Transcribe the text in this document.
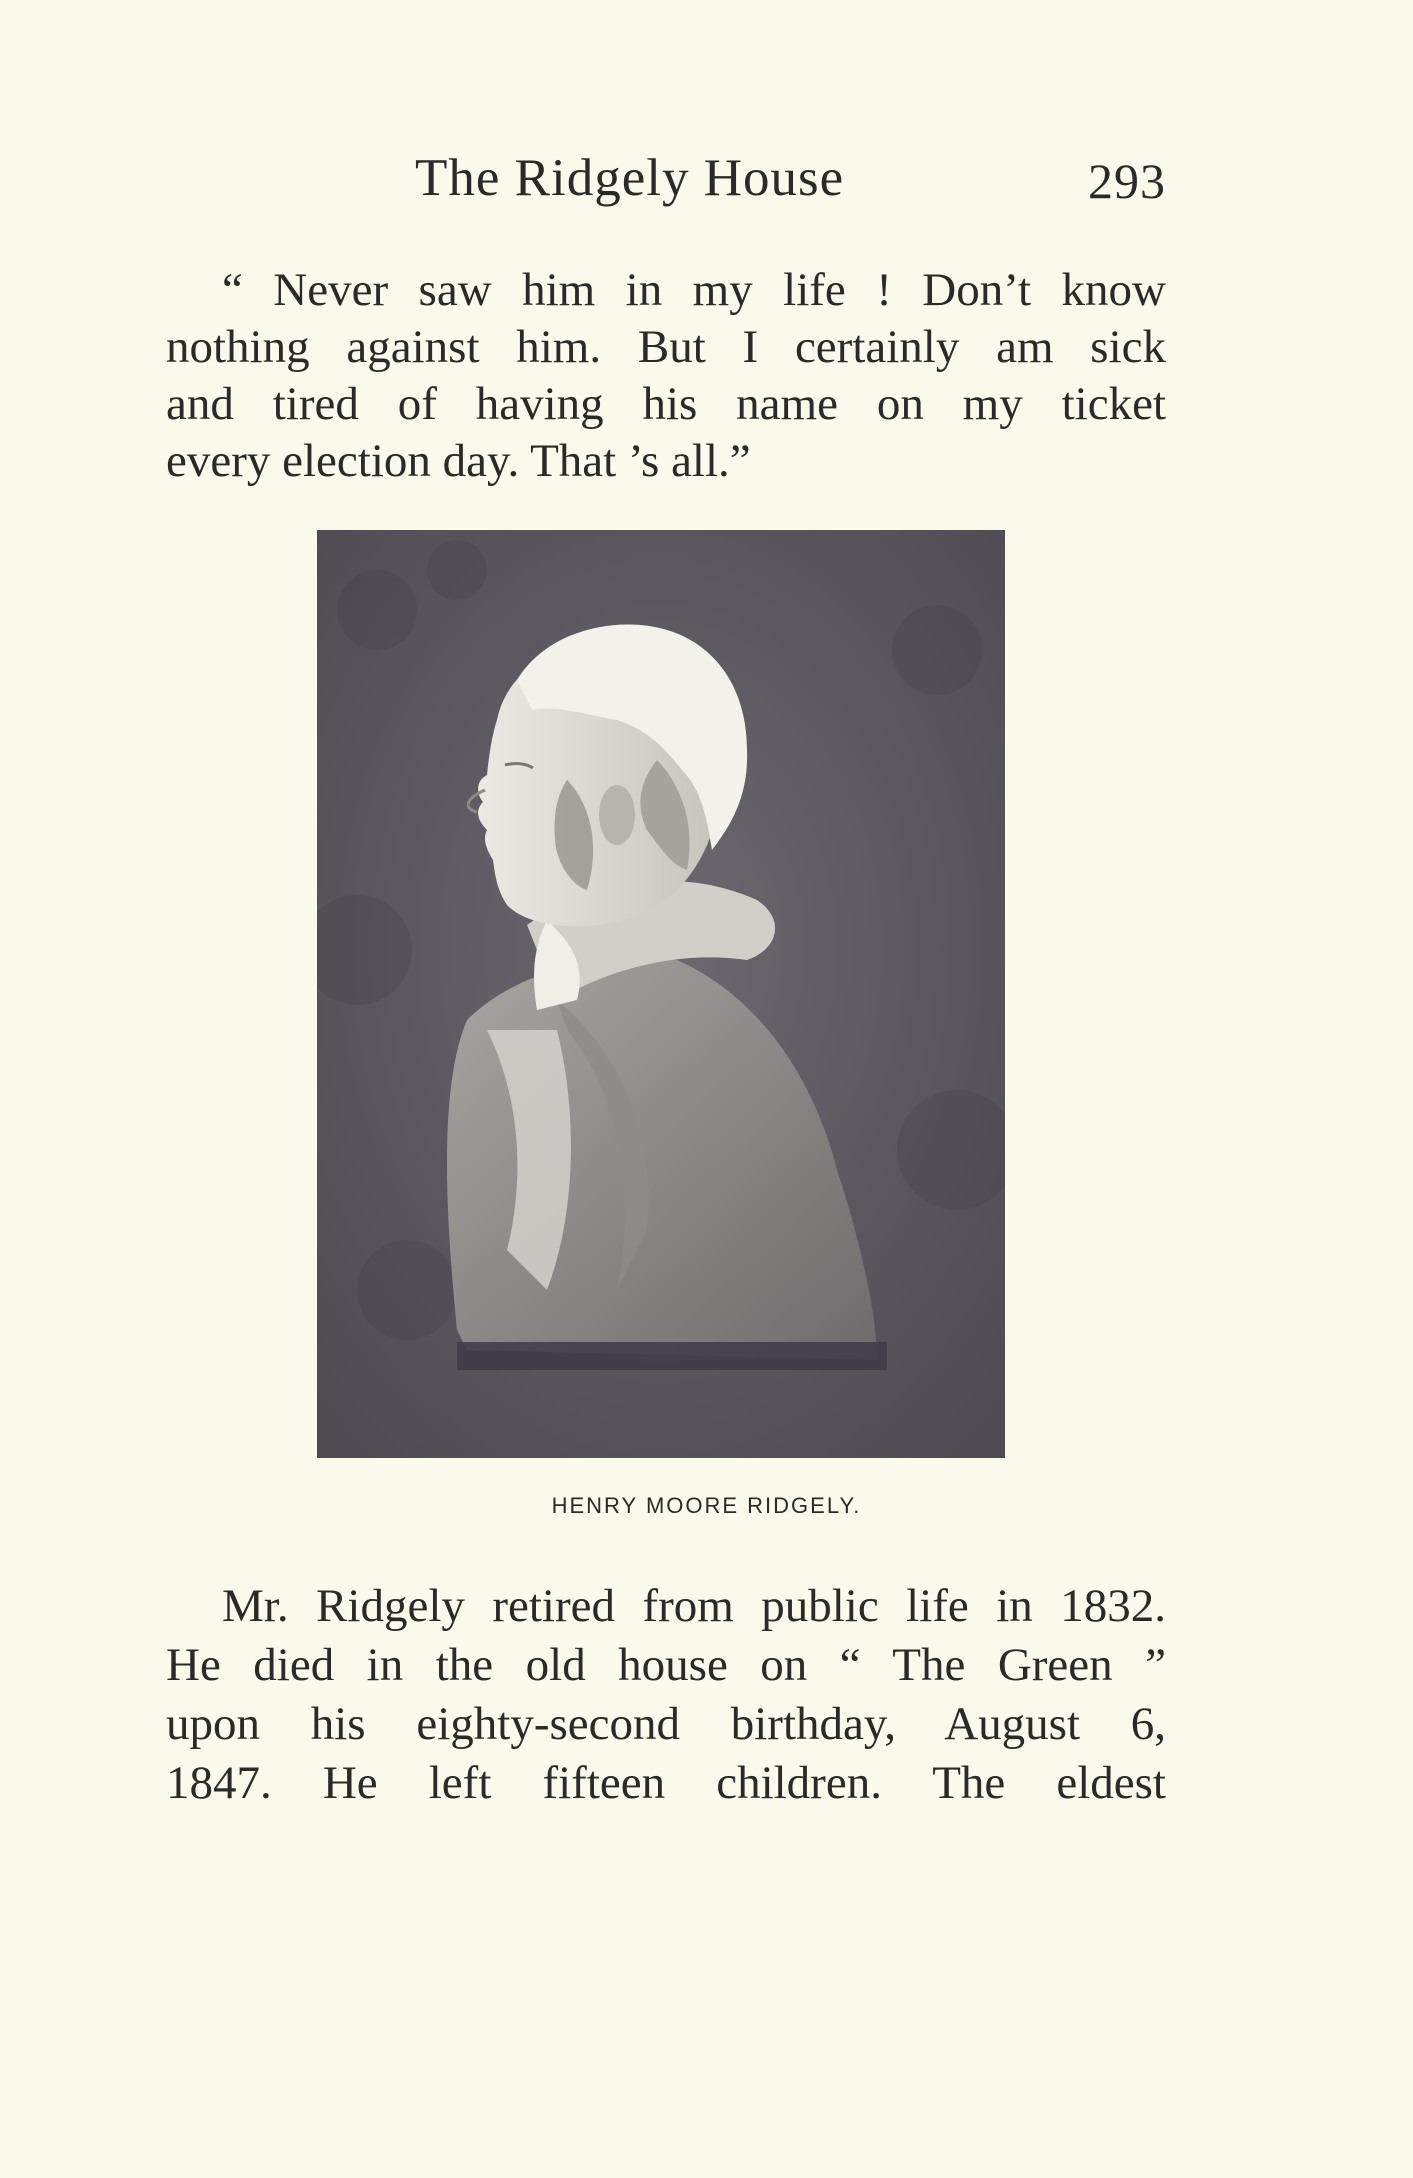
The Ridgely House	293
“ Never saw him in my life ! Don’t know
nothing against him. But I certainly am sick
and tired of having his name on my ticket
every election day. That ’s all.”
HENRY MOORE RIDGELY.
Mr. Ridgely retired from public life in 1832.
He died in the old house on “ The Green ”
upon his eighty-second birthday, August 6,
1847. He left fifteen children. The eldest
